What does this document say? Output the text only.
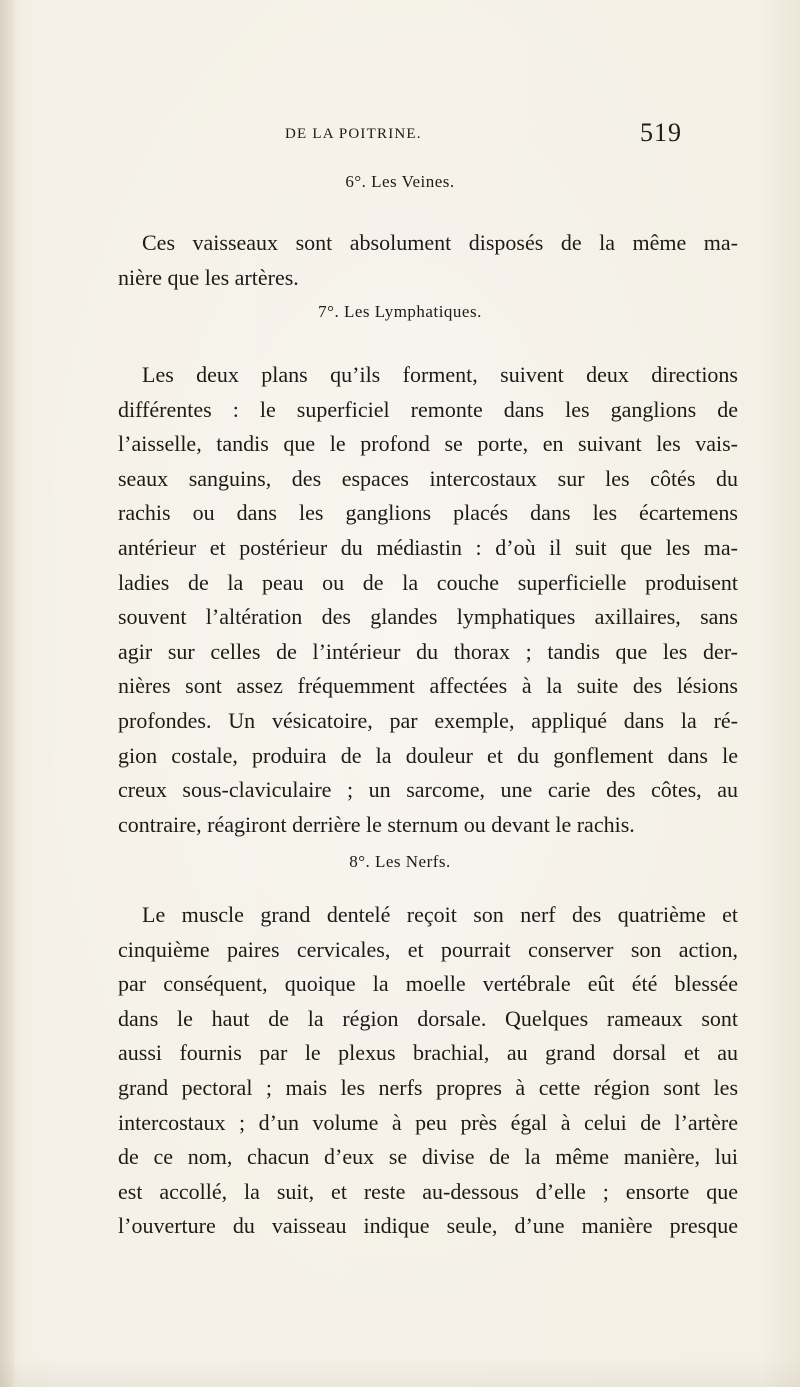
DE LA POITRINE.	519
6°. Les Veines.
Ces vaisseaux sont absolument disposés de la même ma-
nière que les artères.
7°. Les Lymphatiques.
Les deux plans qu’ils forment, suivent deux directions
différentes : le superficiel remonte dans les ganglions de
l’aisselle, tandis que le profond se porte, en suivant les vais-
seaux sanguins, des espaces intercostaux sur les côtés du
rachis ou dans les ganglions placés dans les écartemens
antérieur et postérieur du médiastin : d’où il suit que les ma-
ladies de la peau ou de la couche superficielle produisent
souvent l’altération des glandes lymphatiques axillaires, sans
agir sur celles de l’intérieur du thorax ; tandis que les der-
nières sont assez fréquemment affectées à la suite des lésions
profondes. Un vésicatoire, par exemple, appliqué dans la ré-
gion costale, produira de la douleur et du gonflement dans le
creux sous-claviculaire ; un sarcome, une carie des côtes, au
contraire, réagiront derrière le sternum ou devant le rachis.
8°. Les Nerfs.
Le muscle grand dentelé reçoit son nerf des quatrième et
cinquième paires cervicales, et pourrait conserver son action,
par conséquent, quoique la moelle vertébrale eût été blessée
dans le haut de la région dorsale. Quelques rameaux sont
aussi fournis par le plexus brachial, au grand dorsal et au
grand pectoral ; mais les nerfs propres à cette région sont les
intercostaux ; d’un volume à peu près égal à celui de l’artère
de ce nom, chacun d’eux se divise de la même manière, lui
est accollé, la suit, et reste au-dessous d’elle ; ensorte que
l’ouverture du vaisseau indique seule, d’une manière presque
